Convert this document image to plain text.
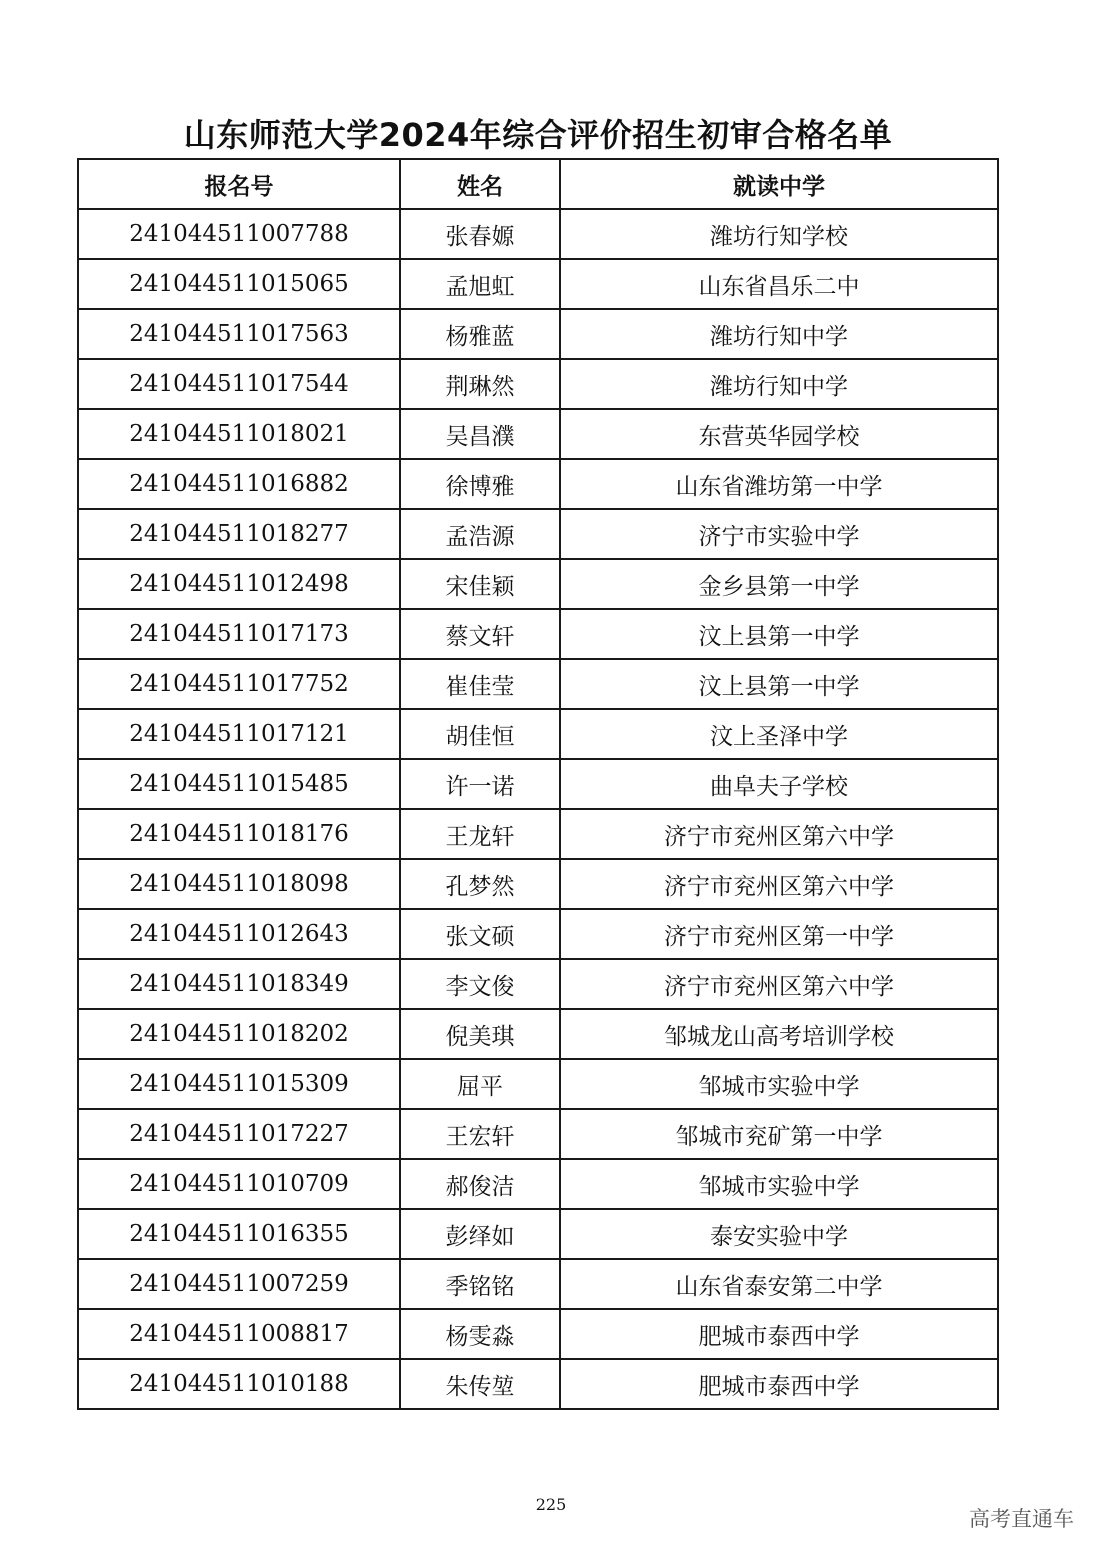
山东师范大学2024年综合评价招生初审合格名单
报名号	姓名	就读中学
241044511007788	张春嫄	潍坊行知学校
241044511015065	孟旭虹	山东省昌乐二中
241044511017563	杨雅蓝	潍坊行知中学
241044511017544	荆琳然	潍坊行知中学
241044511018021	吴昌濮	东营英华园学校
241044511016882	徐博雅	山东省潍坊第一中学
241044511018277	孟浩源	济宁市实验中学
241044511012498	宋佳颖	金乡县第一中学
241044511017173	蔡文轩	汶上县第一中学
241044511017752	崔佳莹	汶上县第一中学
241044511017121	胡佳恒	汶上圣泽中学
241044511015485	许一诺	曲阜夫子学校
241044511018176	王龙轩	济宁市兖州区第六中学
241044511018098	孔梦然	济宁市兖州区第六中学
241044511012643	张文硕	济宁市兖州区第一中学
241044511018349	李文俊	济宁市兖州区第六中学
241044511018202	倪美琪	邹城龙山高考培训学校
241044511015309	屈平	邹城市实验中学
241044511017227	王宏轩	邹城市兖矿第一中学
241044511010709	郝俊洁	邹城市实验中学
241044511016355	彭绎如	泰安实验中学
241044511007259	季铭铭	山东省泰安第二中学
241044511008817	杨雯淼	肥城市泰西中学
241044511010188	朱传堃	肥城市泰西中学
225
高考直通车
